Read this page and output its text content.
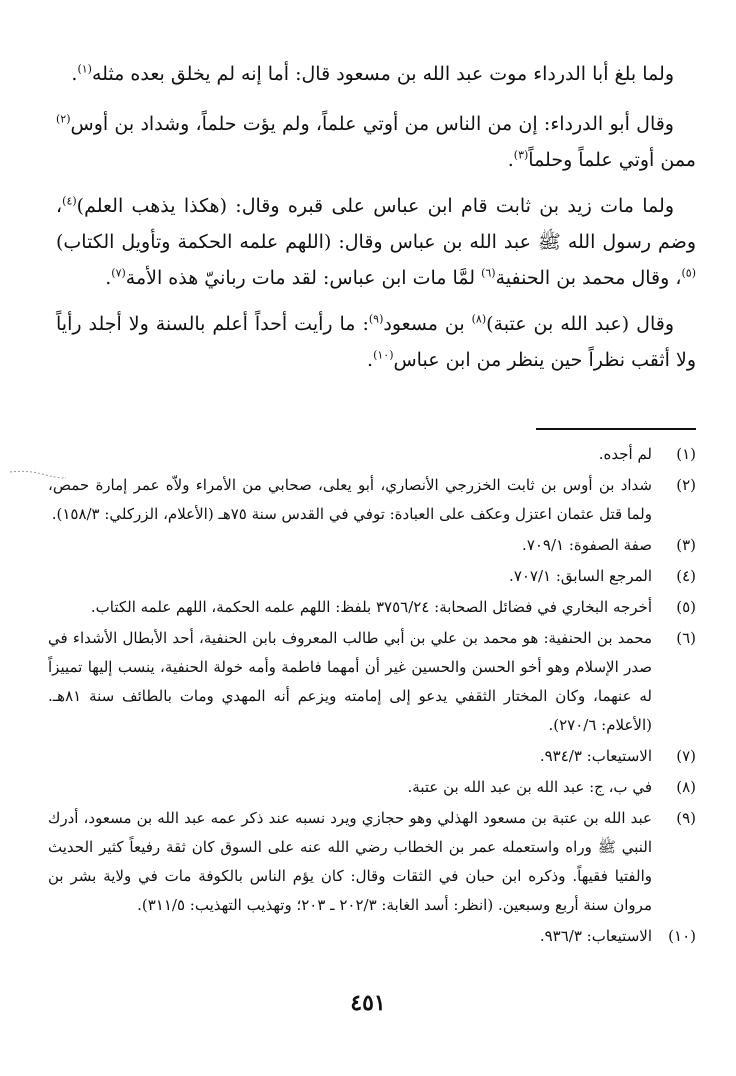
ولما بلغ أبا الدرداء موت عبد الله بن مسعود قال: أما إنه لم يخلق بعده مثله$^{(١)}$.

وقال أبو الدرداء: إن من الناس من أوتي علماً، ولم يؤت حلماً، وشداد بن أوس$^{(٢)}$ ممن أوتي علماً وحلماً$^{(٣)}$.

ولما مات زيد بن ثابت قام ابن عباس على قبره وقال: (هكذا يذهب العلم)$^{(٤)}$، وضم رسول الله ﷺ عبد الله بن عباس وقال: (اللهم علمه الحكمة وتأويل الكتاب)$^{(٥)}$، وقال محمد بن الحنفية$^{(٦)}$ لمَّا مات ابن عباس: لقد مات ربانيّ هذه الأمة$^{(٧)}$.

وقال (عبد الله بن عتبة)$^{(٨)}$ بن مسعود$^{(٩)}$: ما رأيت أحداً أعلم بالسنة ولا أجلد رأياً ولا أثقب نظراً حين ينظر من ابن عباس$^{(١٠)}$.

(١)
لم أجده.
(٢)
شداد بن أوس بن ثابت الخزرجي الأنصاري، أبو يعلى، صحابي من الأمراء ولاّه عمر إمارة حمص، ولما قتل عثمان اعتزل وعكف على العبادة: توفي في القدس سنة ٧٥هـ (الأعلام، الزركلي: ١٥٨/٣).
(٣)
صفة الصفوة: ٧٠٩/١.
(٤)
المرجع السابق: ٧٠٧/١.
(٥)
أخرجه البخاري في فضائل الصحابة: ٣٧٥٦/٢٤ بلفظ: اللهم علمه الحكمة، اللهم علمه الكتاب.
(٦)
محمد بن الحنفية: هو محمد بن علي بن أبي طالب المعروف بابن الحنفية، أحد الأبطال الأشداء في صدر الإسلام وهو أخو الحسن والحسين غير أن أمهما فاطمة وأمه خولة الحنفية، ينسب إليها تمييزاً له عنهما، وكان المختار الثقفي يدعو إلى إمامته ويزعم أنه المهدي ومات بالطائف سنة ٨١هـ. (الأعلام: ٢٧٠/٦).
(٧)
الاستيعاب: ٩٣٤/٣.
(٨)
في ب، ج: عبد الله بن عبد الله بن عتبة.
(٩)
عبد الله بن عتبة بن مسعود الهذلي وهو حجازي ويرد نسبه عند ذكر عمه عبد الله بن مسعود، أدرك النبي ﷺ وراه واستعمله عمر بن الخطاب رضي الله عنه على السوق كان ثقة رفيعاً كثير الحديث والفتيا فقيهاً. وذكره ابن حبان في الثقات وقال: كان يؤم الناس بالكوفة مات في ولاية بشر بن مروان سنة أربع وسبعين. (انظر: أسد الغابة: ٢٠٢/٣ ـ ٢٠٣؛ وتهذيب التهذيب: ٣١١/٥).
(١٠)
الاستيعاب: ٩٣٦/٣.
٤٥١
